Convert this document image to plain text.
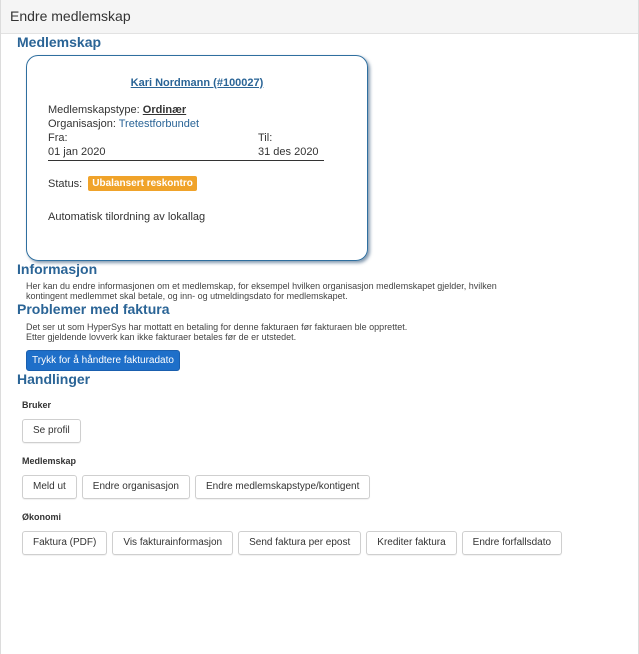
Endre medlemskap
Medlemskap
Kari Nordmann (#100027)
Medlemskapstype: Ordinær
Organisasjon: Tretestforbundet
Fra:	Til:
01 jan 2020	31 des 2020
Status:	Ubalansert reskontro
Automatisk tilordning av lokallag
Informasjon
Her kan du endre informasjonen om et medlemskap, for eksempel hvilken organisasjon medlemskapet gjelder, hvilken kontingent medlemmet skal betale, og inn- og utmeldingsdato for medlemskapet.
Problemer med faktura
Det ser ut som HyperSys har mottatt en betaling for denne fakturaen før fakturaen ble opprettet.
Etter gjeldende lovverk kan ikke fakturaer betales før de er utstedet.
Trykk for å håndtere fakturadato
Handlinger
Bruker
Se profil
Medlemskap
Meld ut	Endre organisasjon	Endre medlemskapstype/kontigent
Økonomi
Faktura (PDF)	Vis fakturainformasjon	Send faktura per epost	Krediter faktura	Endre forfallsdato
